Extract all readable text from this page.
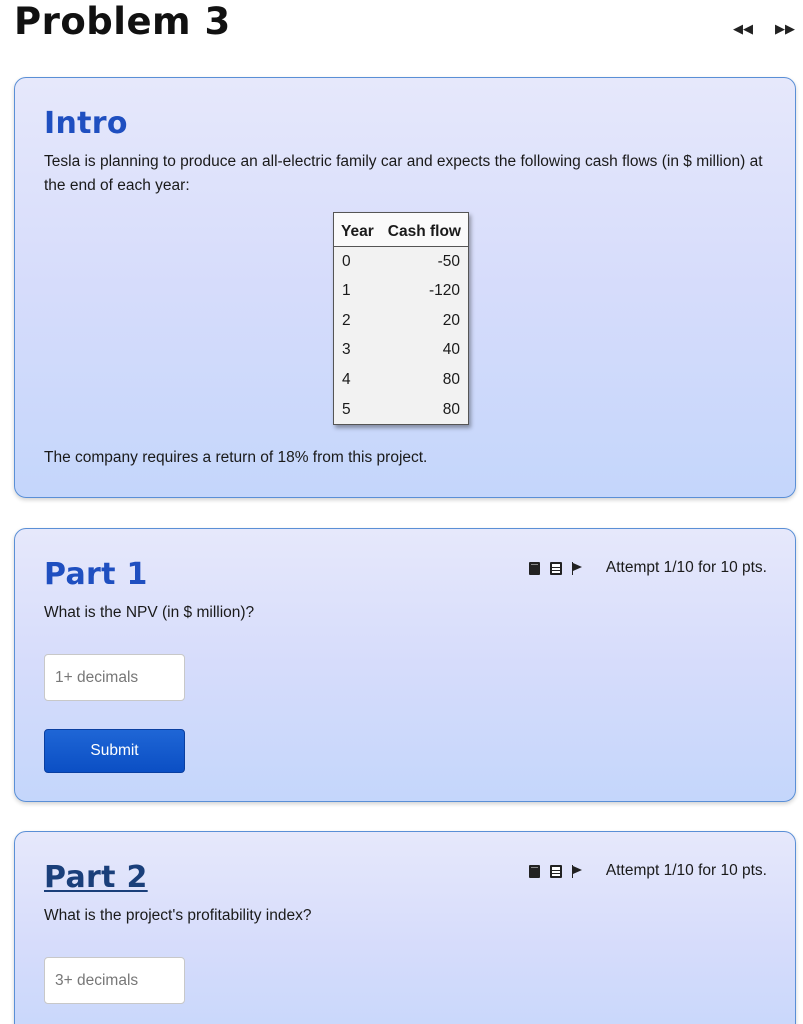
Problem 3	◀◀ ▶▶
Intro

Tesla is planning to produce an all-electric family car and expects the following cash flows (in $ million) at the end of each year:

Year	Cash flow
0	-50
1	-120
2	20
3	40
4	80
5	80

The company requires a return of 18% from this project.

Part 1	Attempt 1/10 for 10 pts.

What is the NPV (in $ million)?

1+ decimals
Submit
Part 2	Attempt 1/10 for 10 pts.

What is the project's profitability index?

3+ decimals
